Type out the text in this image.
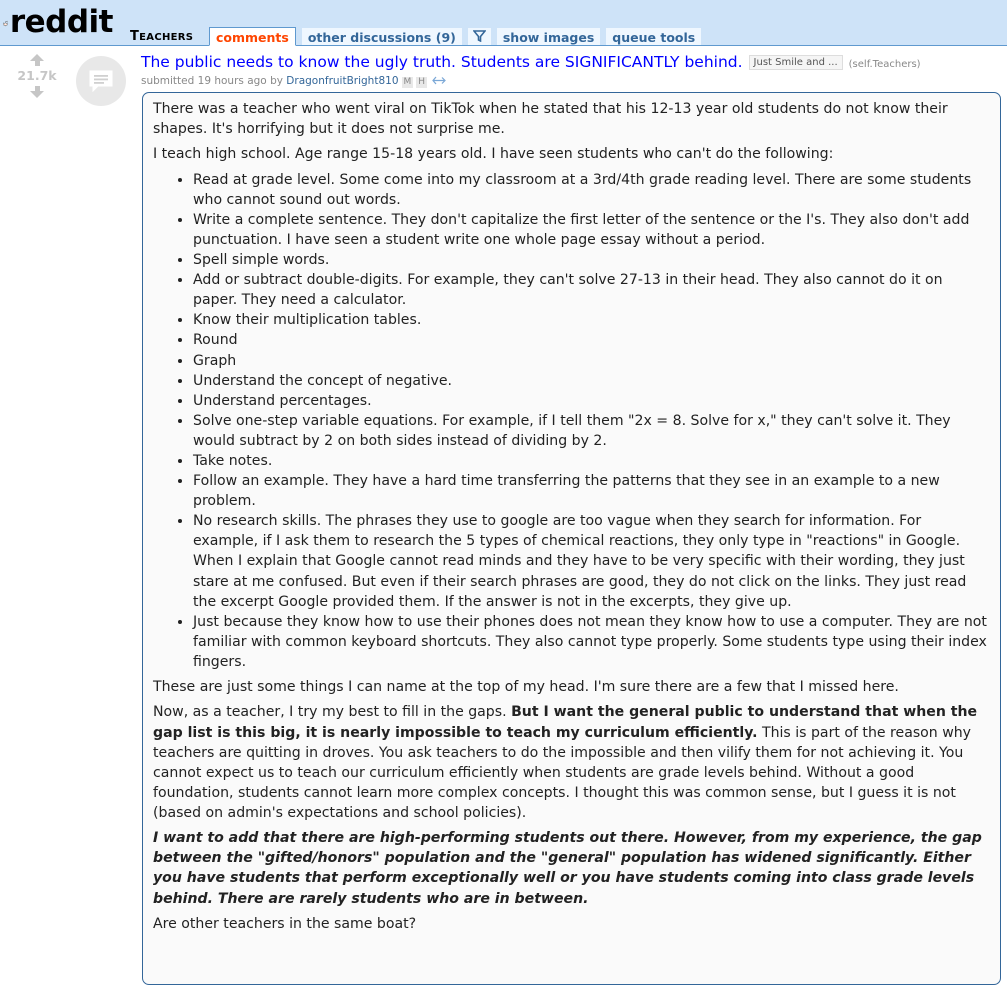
reddit TEACHERS	comments	other discussions (9)	show images	queue tools
21.7k
The public needs to know the ugly truth. Students are SIGNIFICANTLY behind. Just Smile and ... (self.Teachers)
submitted 19 hours ago by DragonfruitBright810 M H

There was a teacher who went viral on TikTok when he stated that his 12-13 year old students do not know their shapes. It's horrifying but it does not surprise me.

I teach high school. Age range 15-18 years old. I have seen students who can't do the following:

• Read at grade level. Some come into my classroom at a 3rd/4th grade reading level. There are some students who cannot sound out words.
• Write a complete sentence. They don't capitalize the first letter of the sentence or the I's. They also don't add punctuation. I have seen a student write one whole page essay without a period.
• Spell simple words.
• Add or subtract double-digits. For example, they can't solve 27-13 in their head. They also cannot do it on paper. They need a calculator.
• Know their multiplication tables.
• Round
• Graph
• Understand the concept of negative.
• Understand percentages.
• Solve one-step variable equations. For example, if I tell them "2x = 8. Solve for x," they can't solve it. They would subtract by 2 on both sides instead of dividing by 2.
• Take notes.
• Follow an example. They have a hard time transferring the patterns that they see in an example to a new problem.
• No research skills. The phrases they use to google are too vague when they search for information. For example, if I ask them to research the 5 types of chemical reactions, they only type in "reactions" in Google. When I explain that Google cannot read minds and they have to be very specific with their wording, they just stare at me confused. But even if their search phrases are good, they do not click on the links. They just read the excerpt Google provided them. If the answer is not in the excerpts, they give up.
• Just because they know how to use their phones does not mean they know how to use a computer. They are not familiar with common keyboard shortcuts. They also cannot type properly. Some students type using their index fingers.

These are just some things I can name at the top of my head. I'm sure there are a few that I missed here.

Now, as a teacher, I try my best to fill in the gaps. But I want the general public to understand that when the gap list is this big, it is nearly impossible to teach my curriculum efficiently. This is part of the reason why teachers are quitting in droves. You ask teachers to do the impossible and then vilify them for not achieving it. You cannot expect us to teach our curriculum efficiently when students are grade levels behind. Without a good foundation, students cannot learn more complex concepts. I thought this was common sense, but I guess it is not (based on admin's expectations and school policies).

I want to add that there are high-performing students out there. However, from my experience, the gap between the "gifted/honors" population and the "general" population has widened significantly. Either you have students that perform exceptionally well or you have students coming into class grade levels behind. There are rarely students who are in between.

Are other teachers in the same boat?
